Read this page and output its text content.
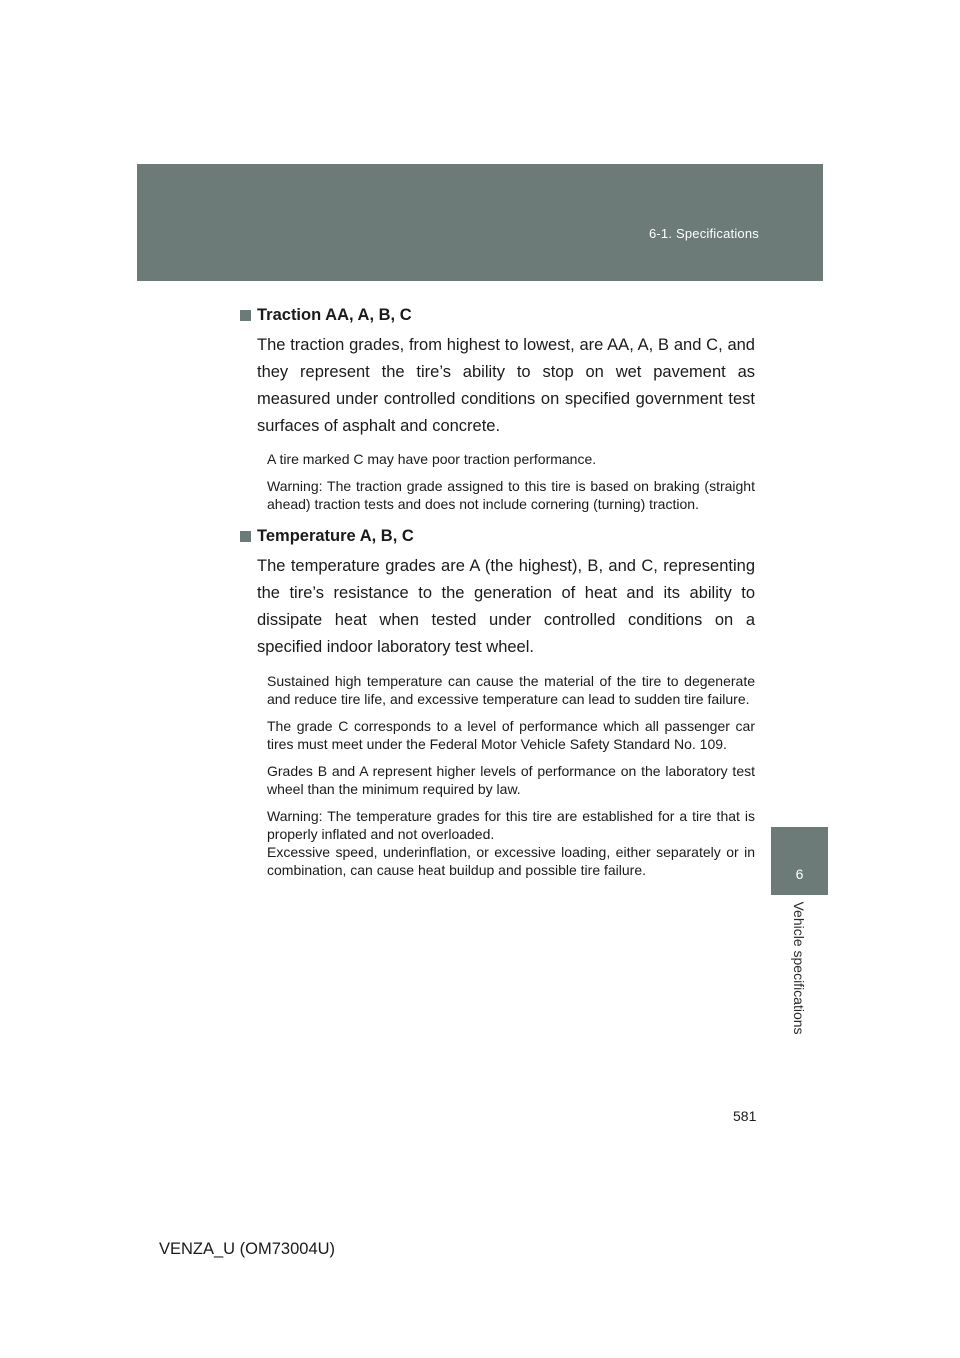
6-1. Specifications
6
Vehicle specifications
Traction AA, A, B, C

The traction grades, from highest to lowest, are AA, A, B and C, and they represent the tire’s ability to stop on wet pavement as measured under controlled conditions on specified government test surfaces of asphalt and concrete.

A tire marked C may have poor traction performance.

Warning: The traction grade assigned to this tire is based on braking (straight ahead) traction tests and does not include cornering (turning) traction.

Temperature A, B, C

The temperature grades are A (the highest), B, and C, representing the tire’s resistance to the generation of heat and its ability to dissipate heat when tested under controlled conditions on a specified indoor laboratory test wheel.

Sustained high temperature can cause the material of the tire to degenerate and reduce tire life, and excessive temperature can lead to sudden tire failure.

The grade C corresponds to a level of performance which all passenger car tires must meet under the Federal Motor Vehicle Safety Standard No. 109.

Grades B and A represent higher levels of performance on the laboratory test wheel than the minimum required by law.

Warning: The temperature grades for this tire are established for a tire that is properly inflated and not overloaded.

Excessive speed, underinflation, or excessive loading, either separately or in combination, can cause heat buildup and possible tire failure.

581
VENZA_U (OM73004U)
